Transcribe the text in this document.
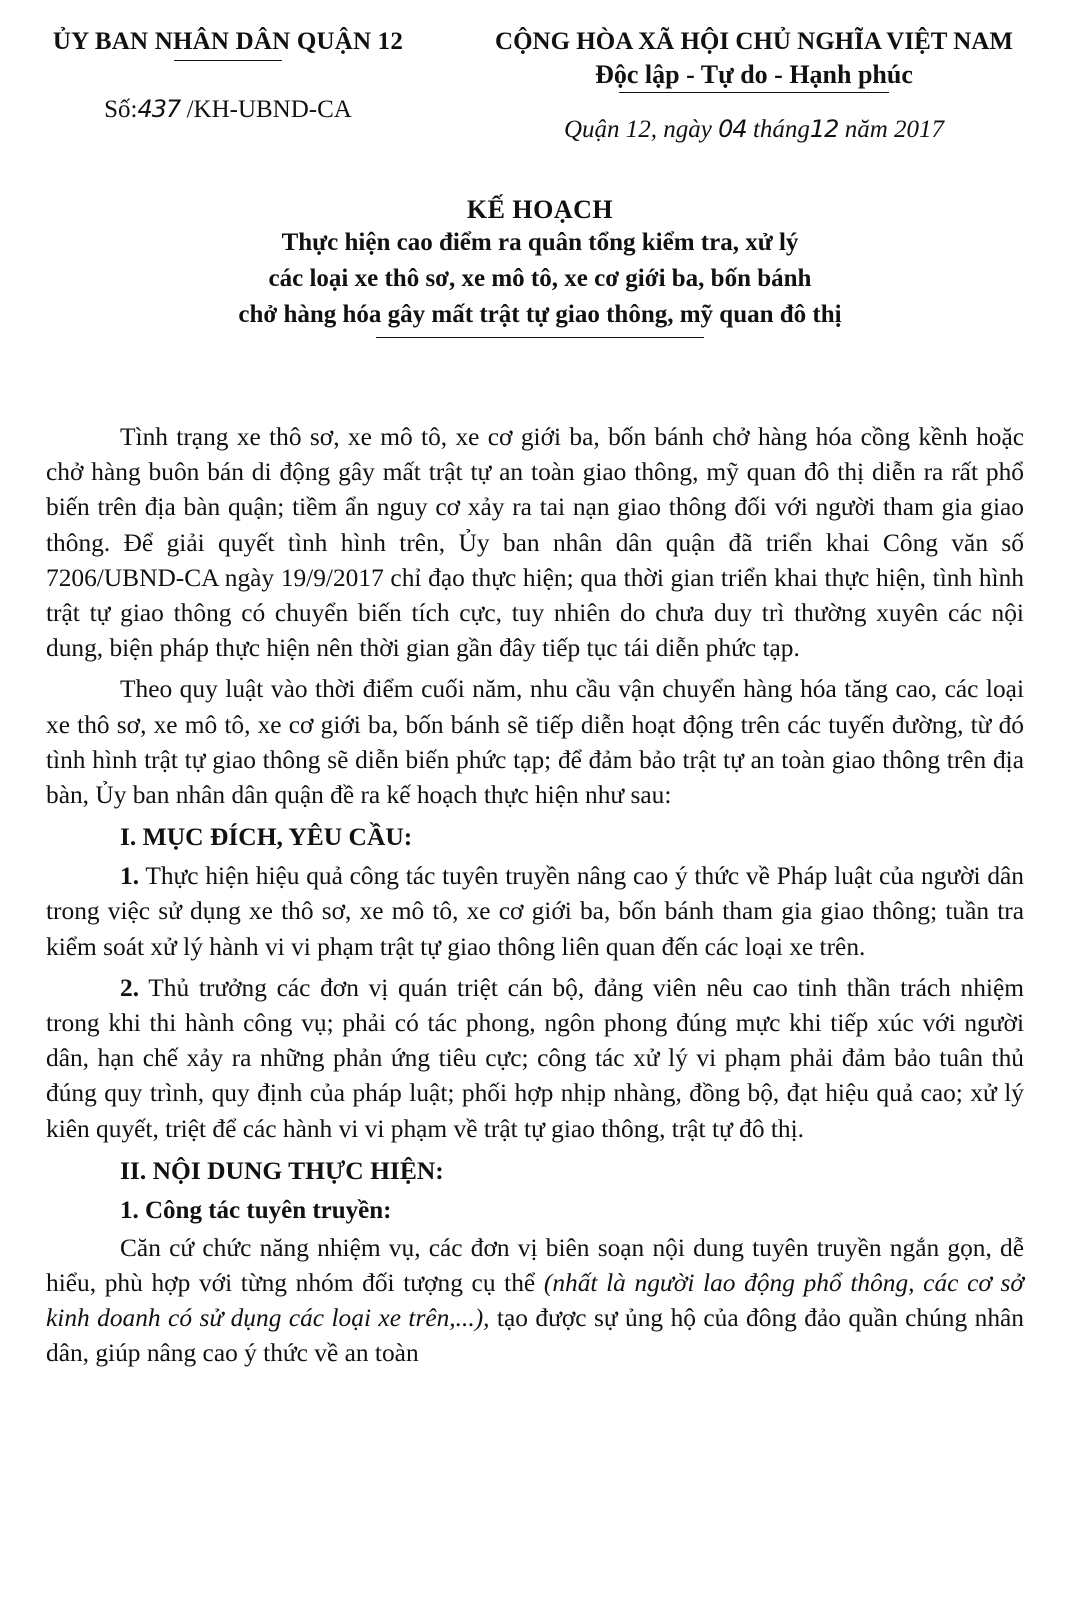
ỦY BAN NHÂN DÂN QUẬN 12
Số:437 /KH-UBND-CA
CỘNG HÒA XÃ HỘI CHỦ NGHĨA VIỆT NAM
Độc lập - Tự do - Hạnh phúc
Quận 12, ngày 04 tháng12 năm 2017
KẾ HOẠCH
Thực hiện cao điểm ra quân tổng kiểm tra, xử lý
các loại xe thô sơ, xe mô tô, xe cơ giới ba, bốn bánh
chở hàng hóa gây mất trật tự giao thông, mỹ quan đô thị

Tình trạng xe thô sơ, xe mô tô, xe cơ giới ba, bốn bánh chở hàng hóa cồng kềnh hoặc chở hàng buôn bán di động gây mất trật tự an toàn giao thông, mỹ quan đô thị diễn ra rất phổ biến trên địa bàn quận; tiềm ẩn nguy cơ xảy ra tai nạn giao thông đối với người tham gia giao thông. Để giải quyết tình hình trên, Ủy ban nhân dân quận đã triển khai Công văn số 7206/UBND-CA ngày 19/9/2017 chỉ đạo thực hiện; qua thời gian triển khai thực hiện, tình hình trật tự giao thông có chuyển biến tích cực, tuy nhiên do chưa duy trì thường xuyên các nội dung, biện pháp thực hiện nên thời gian gần đây tiếp tục tái diễn phức tạp.

Theo quy luật vào thời điểm cuối năm, nhu cầu vận chuyển hàng hóa tăng cao, các loại xe thô sơ, xe mô tô, xe cơ giới ba, bốn bánh sẽ tiếp diễn hoạt động trên các tuyến đường, từ đó tình hình trật tự giao thông sẽ diễn biến phức tạp; để đảm bảo trật tự an toàn giao thông trên địa bàn, Ủy ban nhân dân quận đề ra kế hoạch thực hiện như sau:

I. MỤC ĐÍCH, YÊU CẦU:

1. Thực hiện hiệu quả công tác tuyên truyền nâng cao ý thức về Pháp luật của người dân trong việc sử dụng xe thô sơ, xe mô tô, xe cơ giới ba, bốn bánh tham gia giao thông; tuần tra kiểm soát xử lý hành vi vi phạm trật tự giao thông liên quan đến các loại xe trên.

2. Thủ trưởng các đơn vị quán triệt cán bộ, đảng viên nêu cao tinh thần trách nhiệm trong khi thi hành công vụ; phải có tác phong, ngôn phong đúng mực khi tiếp xúc với người dân, hạn chế xảy ra những phản ứng tiêu cực; công tác xử lý vi phạm phải đảm bảo tuân thủ đúng quy trình, quy định của pháp luật; phối hợp nhịp nhàng, đồng bộ, đạt hiệu quả cao; xử lý kiên quyết, triệt để các hành vi vi phạm về trật tự giao thông, trật tự đô thị.

II. NỘI DUNG THỰC HIỆN:
1. Công tác tuyên truyền:

Căn cứ chức năng nhiệm vụ, các đơn vị biên soạn nội dung tuyên truyền ngắn gọn, dễ hiểu, phù hợp với từng nhóm đối tượng cụ thể (nhất là người lao động phổ thông, các cơ sở kinh doanh có sử dụng các loại xe trên,...), tạo được sự ủng hộ của đông đảo quần chúng nhân dân, giúp nâng cao ý thức về an toàn
